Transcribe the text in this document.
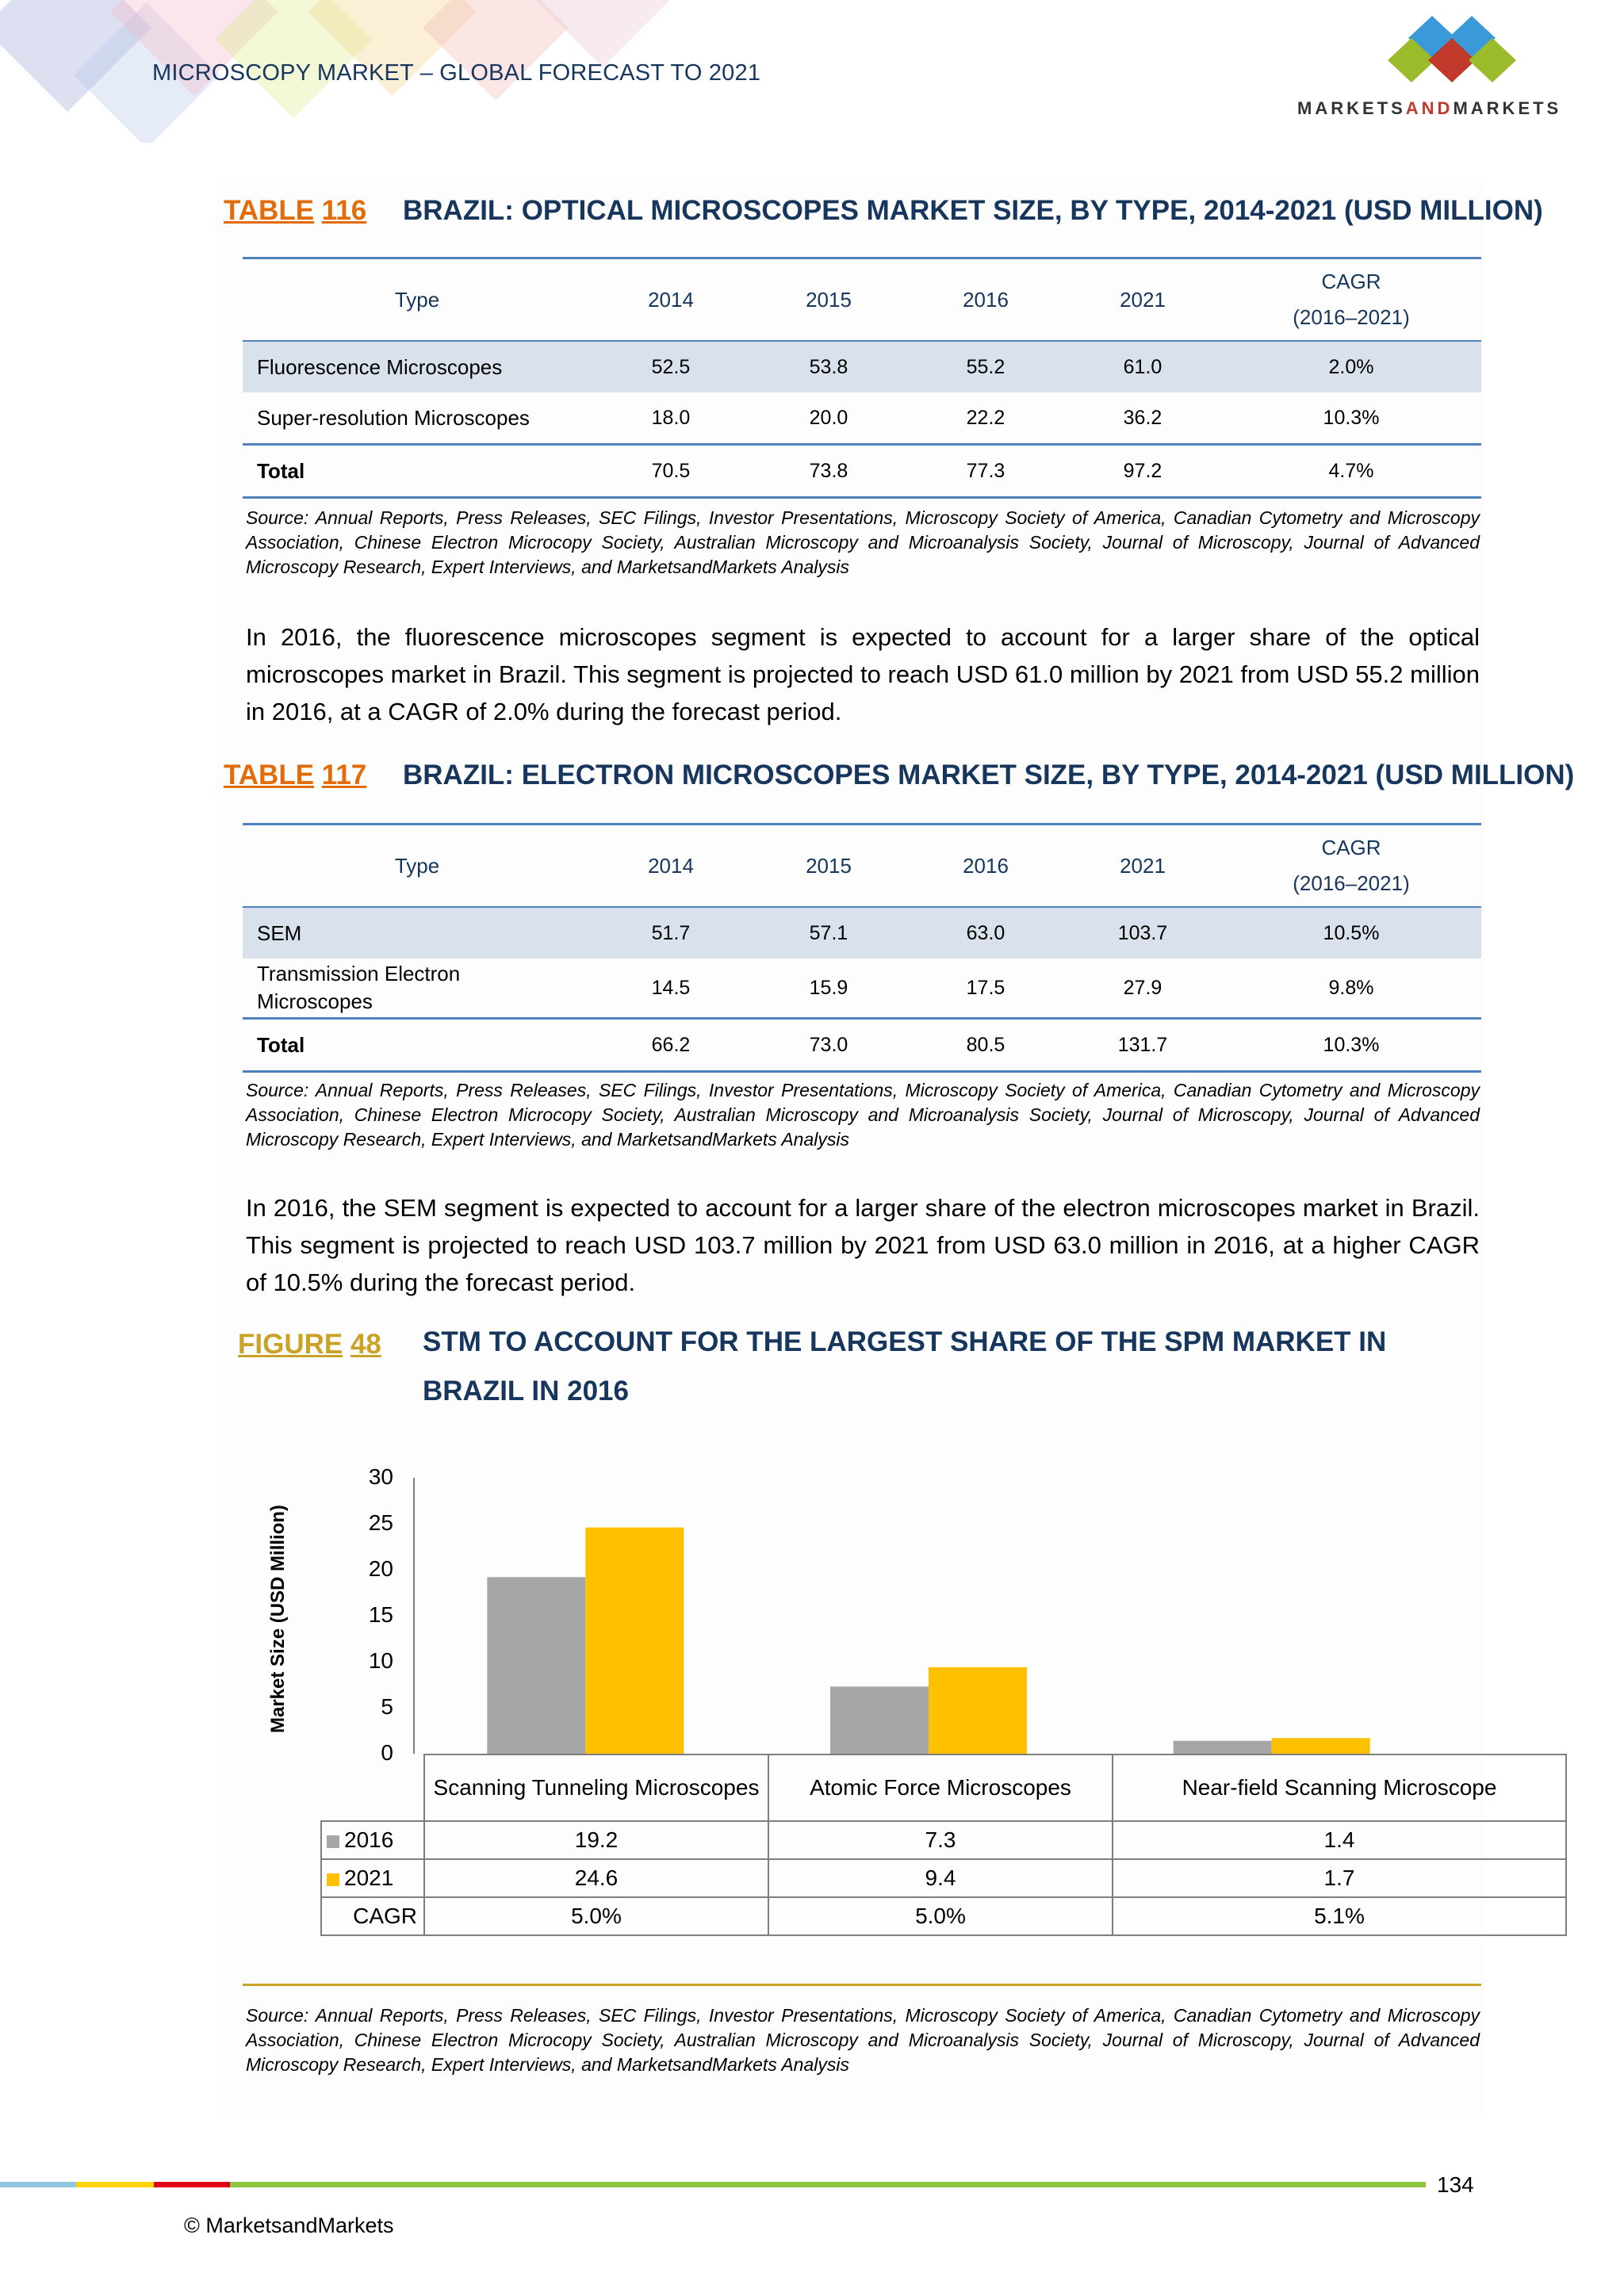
MICROSCOPY MARKET – GLOBAL FORECAST TO 2021
MARKETSANDMARKETS
TABLE 116 BRAZIL: OPTICAL MICROSCOPES MARKET SIZE, BY TYPE, 2014-2021 (USD MILLION)
Type	2014	2015	2016	2021	CAGR
(2016–2021)

Fluorescence Microscopes	52.5	53.8	55.2	61.0	2.0%
Super-resolution Microscopes	18.0	20.0	22.2	36.2	10.3%
Total	70.5	73.8	77.3	97.2	4.7%
Source: Annual Reports, Press Releases, SEC Filings, Investor Presentations, Microscopy Society of America, Canadian Cytometry and Microscopy Association, Chinese Electron Microcopy Society, Australian Microscopy and Microanalysis Society, Journal of Microscopy, Journal of Advanced Microscopy Research, Expert Interviews, and MarketsandMarkets Analysis
In 2016, the fluorescence microscopes segment is expected to account for a larger share of the optical microscopes market in Brazil. This segment is projected to reach USD 61.0 million by 2021 from USD 55.2 million in 2016, at a CAGR of 2.0% during the forecast period.
TABLE 117 BRAZIL: ELECTRON MICROSCOPES MARKET SIZE, BY TYPE, 2014-2021 (USD MILLION)
Type	2014	2015	2016	2021	CAGR
(2016–2021)

SEM	51.7	57.1	63.0	103.7	10.5%
Transmission Electron Microscopes	14.5	15.9	17.5	27.9	9.8%
Total	66.2	73.0	80.5	131.7	10.3%
Source: Annual Reports, Press Releases, SEC Filings, Investor Presentations, Microscopy Society of America, Canadian Cytometry and Microscopy Association, Chinese Electron Microcopy Society, Australian Microscopy and Microanalysis Society, Journal of Microscopy, Journal of Advanced Microscopy Research, Expert Interviews, and MarketsandMarkets Analysis
In 2016, the SEM segment is expected to account for a larger share of the electron microscopes market in Brazil. This segment is projected to reach USD 103.7 million by 2021 from USD 63.0 million in 2016, at a higher CAGR of 10.5% during the forecast period.
FIGURE 48 STM TO ACCOUNT FOR THE LARGEST SHARE OF THE SPM MARKET IN BRAZIL IN 2016
Market Size (USD Million)
0
5
10
15
20
25
30
	Scanning Tunneling Microscopes	Atomic Force Microscopes	Near-field Scanning Microscope
2016	19.2	7.3	1.4
2021	24.6	9.4	1.7
CAGR	5.0%	5.0%	5.1%
Source: Annual Reports, Press Releases, SEC Filings, Investor Presentations, Microscopy Society of America, Canadian Cytometry and Microscopy Association, Chinese Electron Microcopy Society, Australian Microscopy and Microanalysis Society, Journal of Microscopy, Journal of Advanced Microscopy Research, Expert Interviews, and MarketsandMarkets Analysis
134
© MarketsandMarkets
